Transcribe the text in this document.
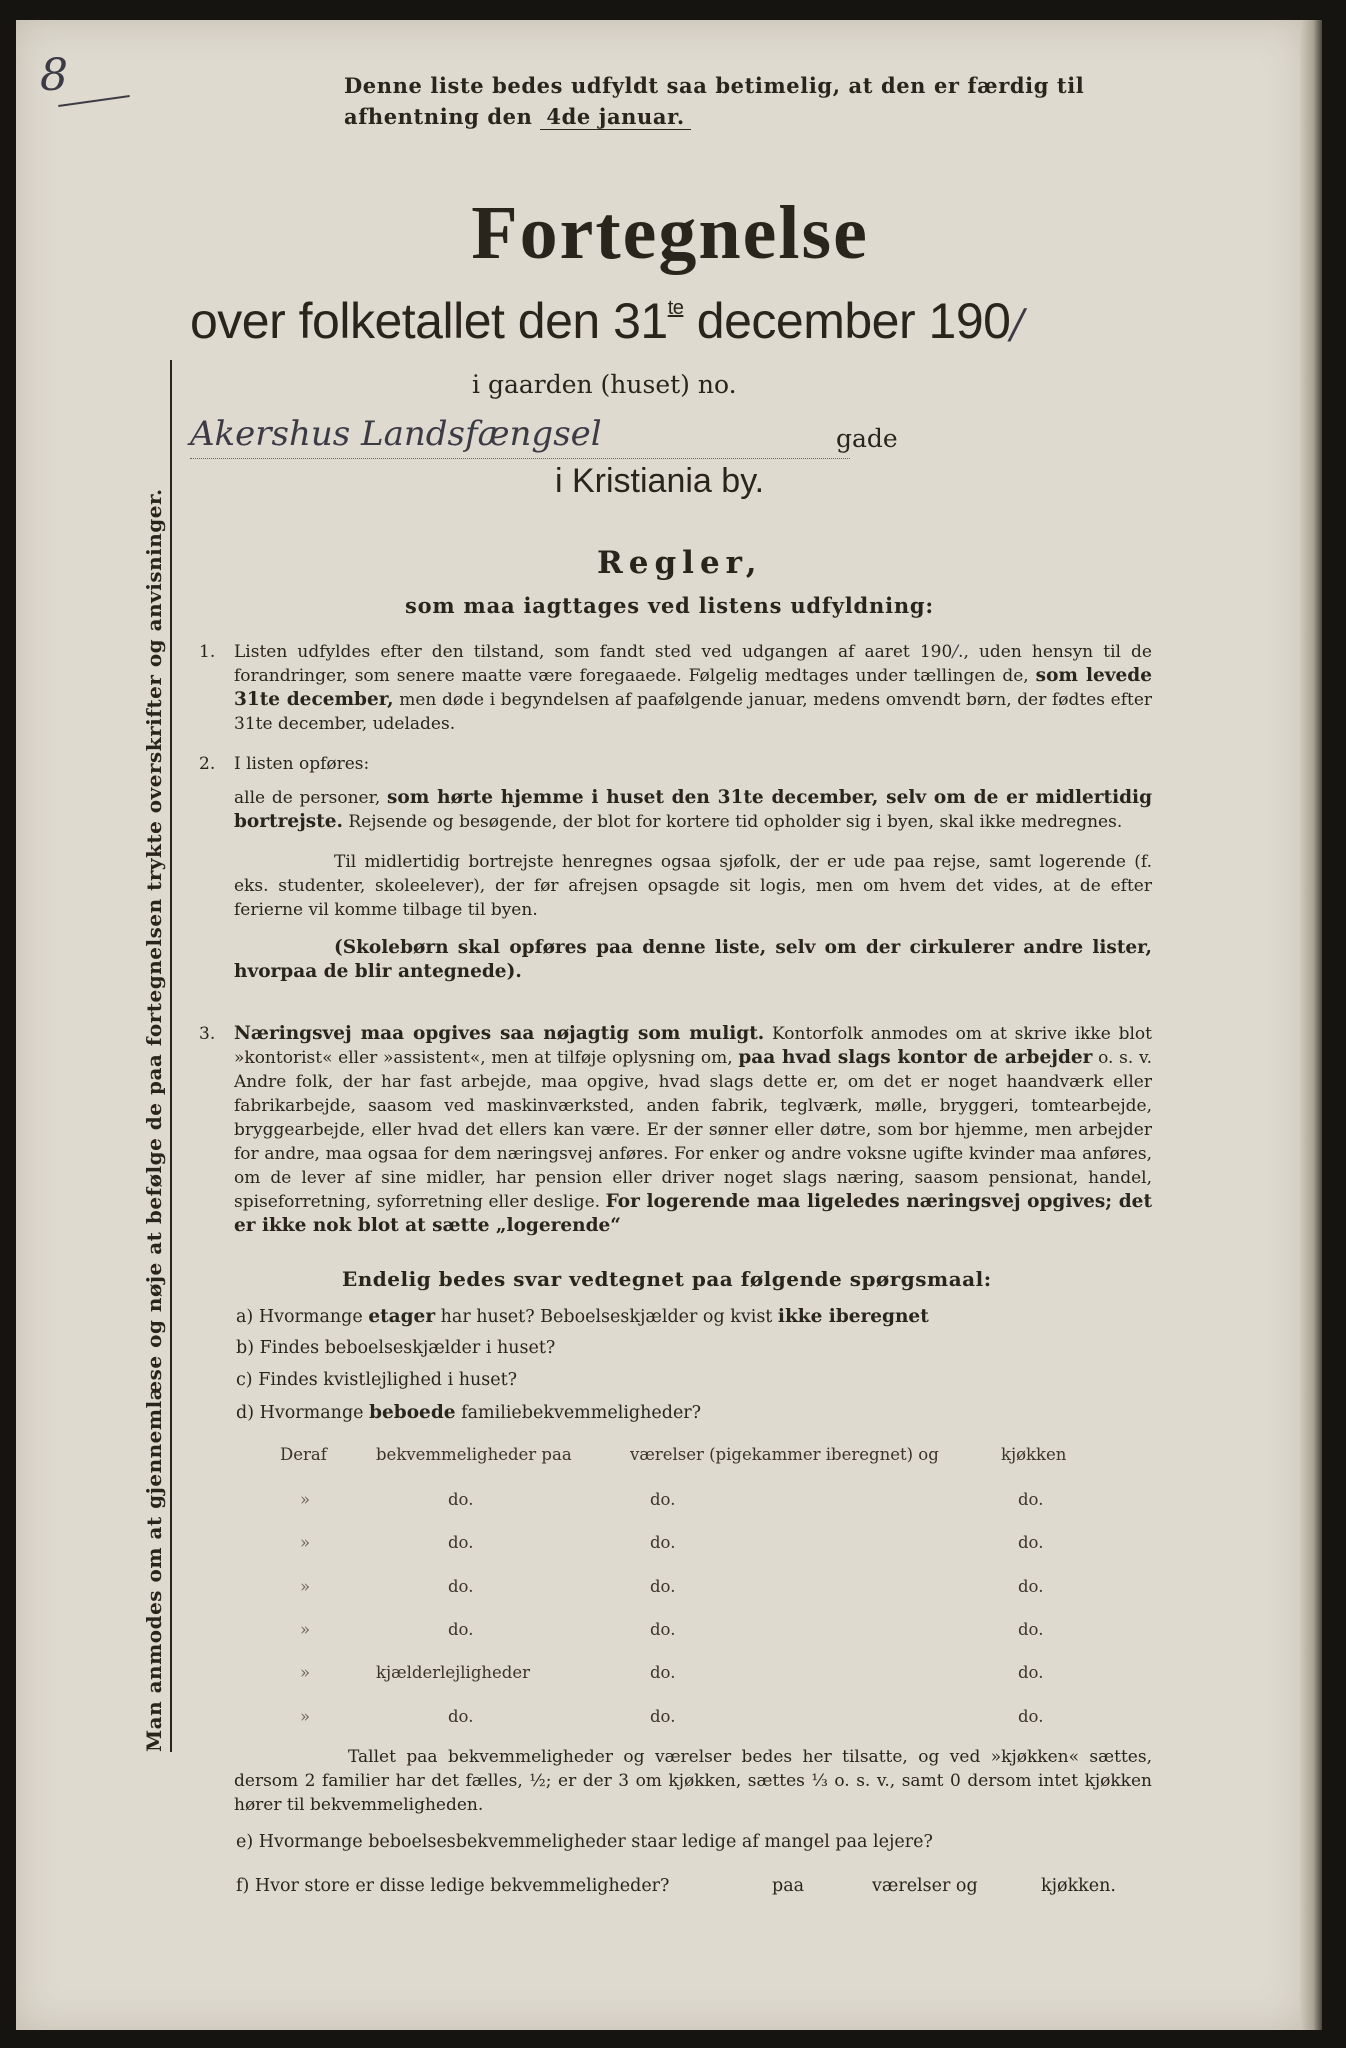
8	Denne liste bedes udfyldt saa betimelig, at den er færdig til
afhentning den 4de januar.
Fortegnelse
over folketallet den $31^{te}$ december 190/
i gaarden (huset) no.
Akershus Landsfængsel	gade
i Kristiania by.
Regler,
som maa iagttages ved listens udfyldning:
1. Listen udfyldes efter den tilstand, som fandt sted ved udgangen af aaret 190/., uden hensyn til de forandringer, som senere maatte være foregaaede. Følgelig medtages under tællingen de, som levede 31te december, men døde i begyndelsen af paafølgende januar, medens omvendt børn, der fødtes efter 31te december, udelades.

2. I listen opføres:

alle de personer, som hørte hjemme i huset den 31te december, selv om de er midlertidig bortrejste. Rejsende og besøgende, der blot for kortere tid opholder sig i byen, skal ikke medregnes.

Til midlertidig bortrejste henregnes ogsaa sjøfolk, der er ude paa rejse, samt logerende (f. eks. studenter, skoleelever), der før afrejsen opsagde sit logis, men om hvem det vides, at de efter ferierne vil komme tilbage til byen.

(Skolebørn skal opføres paa denne liste, selv om der cirkulerer andre lister, hvorpaa de blir antegnede).

3. Næringsvej maa opgives saa nøjagtig som muligt. Kontorfolk anmodes om at skrive ikke blot »kontorist« eller »assistent«, men at tilføje oplysning om, paa hvad slags kontor de arbejder o. s. v. Andre folk, der har fast arbejde, maa opgive, hvad slags dette er, om det er noget haandværk eller fabrikarbejde, saasom ved maskinværksted, anden fabrik, teglværk, mølle, bryggeri, tomtearbejde, bryggearbejde, eller hvad det ellers kan være. Er der sønner eller døtre, som bor hjemme, men arbejder for andre, maa ogsaa for dem næringsvej anføres. For enker og andre voksne ugifte kvinder maa anføres, om de lever af sine midler, har pension eller driver noget slags næring, saasom pensionat, handel, spiseforretning, syforretning eller deslige. For logerende maa ligeledes næringsvej opgives; det er ikke nok blot at sætte „logerende“

Endelig bedes svar vedtegnet paa følgende spørgsmaal:
a) Hvormange etager har huset? Beboelseskjælder og kvist ikke iberegnet
b) Findes beboelseskjælder i huset?
c) Findes kvistlejlighed i huset?
d) Hvormange beboede familiebekvemmeligheder?
Deraf	bekvemmeligheder paa	værelser (pigekammer iberegnet) og	kjøkken
»	do.	do.	do.
»	do.	do.	do.
»	do.	do.	do.
»	do.	do.	do.
»	kjælderlejligheder	do.	do.
»	do.	do.	do.

Tallet paa bekvemmeligheder og værelser bedes her tilsatte, og ved »kjøkken« sættes, dersom 2 familier har det fælles, ½; er der 3 om kjøkken, sættes ⅓ o. s. v., samt 0 dersom intet kjøkken hører til bekvemmeligheden.

e) Hvormange beboelsesbekvemmeligheder staar ledige af mangel paa lejere?
f) Hvor store er disse ledige bekvemmeligheder?	paa	værelser og	kjøkken.
Man anmodes om at gjennemlæse og nøje at befølge de paa fortegnelsen trykte overskrifter og anvisninger.
